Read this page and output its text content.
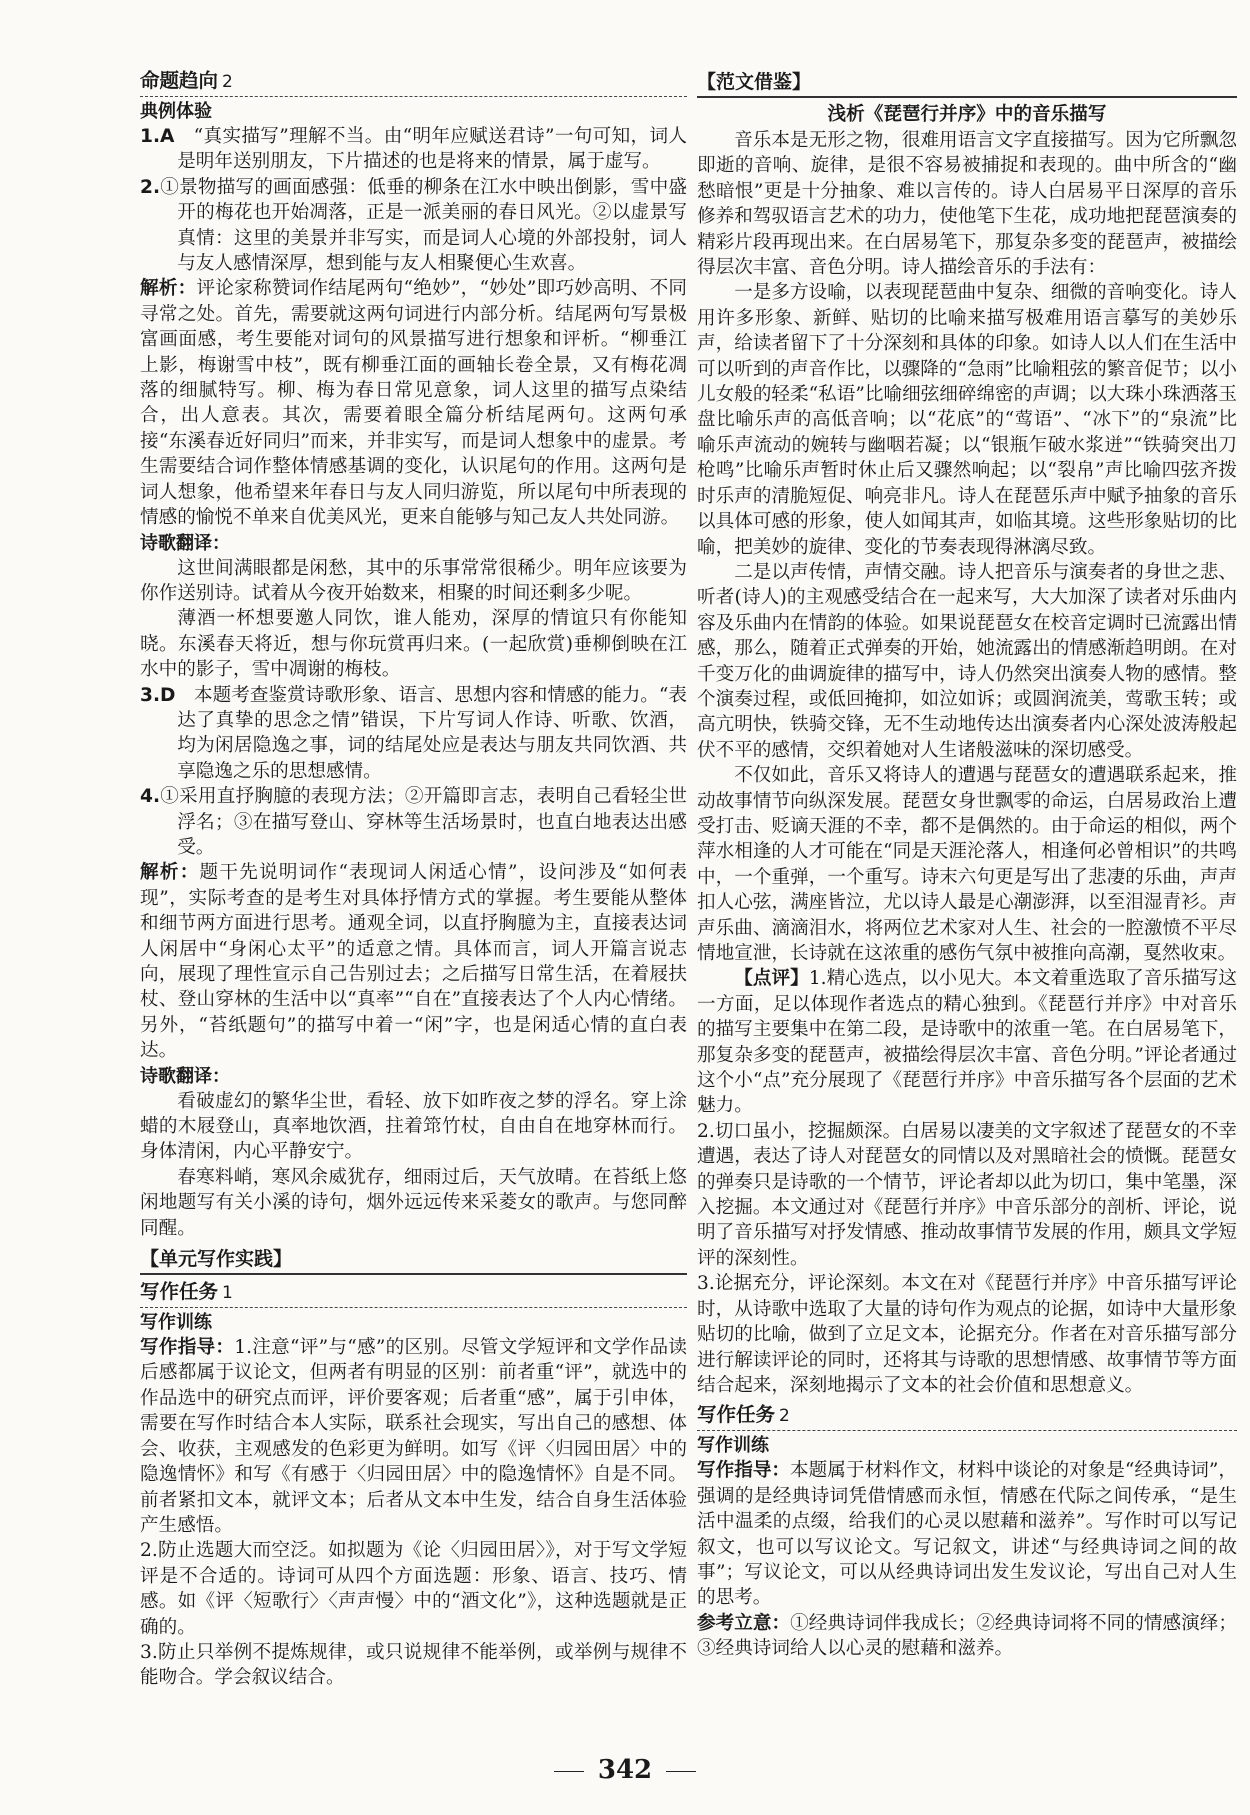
命题趋向 2
典例体验

1.A　 “真实描写”理解不当。由“明年应赋送君诗”一句可知，词人是明年送别朋友，下片描述的也是将来的情景，属于虚写。

2.①景物描写的画面感强：低垂的柳条在江水中映出倒影，雪中盛开的梅花也开始凋落，正是一派美丽的春日风光。②以虚景写真情：这里的美景并非写实，而是词人心境的外部投射，词人与友人感情深厚，想到能与友人相聚便心生欢喜。

解析：评论家称赞词作结尾两句“绝妙”，“妙处”即巧妙高明、不同寻常之处。首先，需要就这两句词进行内部分析。结尾两句写景极富画面感，考生要能对词句的风景描写进行想象和评析。“柳垂江上影，梅谢雪中枝”，既有柳垂江面的画轴长卷全景，又有梅花凋落的细腻特写。柳、梅为春日常见意象，词人这里的描写点染结合，出人意表。其次，需要着眼全篇分析结尾两句。这两句承接“东溪春近好同归”而来，并非实写，而是词人想象中的虚景。考生需要结合词作整体情感基调的变化，认识尾句的作用。这两句是词人想象，他希望来年春日与友人同归游览，所以尾句中所表现的情感的愉悦不单来自优美风光，更来自能够与知己友人共处同游。

诗歌翻译：

这世间满眼都是闲愁，其中的乐事常常很稀少。明年应该要为你作送别诗。试着从今夜开始数来，相聚的时间还剩多少呢。

薄酒一杯想要邀人同饮，谁人能劝，深厚的情谊只有你能知晓。东溪春天将近，想与你玩赏再归来。(一起欣赏)垂柳倒映在江水中的影子，雪中凋谢的梅枝。

3.D　 本题考查鉴赏诗歌形象、语言、思想内容和情感的能力。“表达了真挚的思念之情”错误，下片写词人作诗、听歌、饮酒，均为闲居隐逸之事，词的结尾处应是表达与朋友共同饮酒、共享隐逸之乐的思想感情。

4.①采用直抒胸臆的表现方法；②开篇即言志，表明自己看轻尘世浮名；③在描写登山、穿林等生活场景时，也直白地表达出感受。

解析：题干先说明词作“表现词人闲适心情”，设问涉及“如何表现”，实际考查的是考生对具体抒情方式的掌握。考生要能从整体和细节两方面进行思考。通观全词，以直抒胸臆为主，直接表达词人闲居中“身闲心太平”的适意之情。具体而言，词人开篇言说志向，展现了理性宣示自己告别过去；之后描写日常生活，在着屐扶杖、登山穿林的生活中以“真率”“自在”直接表达了个人内心情绪。另外，“苔纸题句”的描写中着一“闲”字，也是闲适心情的直白表达。

诗歌翻译：

看破虚幻的繁华尘世，看轻、放下如昨夜之梦的浮名。穿上涂蜡的木屐登山，真率地饮酒，拄着筇竹杖，自由自在地穿林而行。身体清闲，内心平静安宁。

春寒料峭，寒风余威犹存，细雨过后，天气放晴。在苔纸上悠闲地题写有关小溪的诗句，烟外远远传来采菱女的歌声。与您同醉同醒。

【单元写作实践】
写作任务 1
写作训练

写作指导：1.注意“评”与“感”的区别。尽管文学短评和文学作品读后感都属于议论文，但两者有明显的区别：前者重“评”，就选中的作品选中的研究点而评，评价要客观；后者重“感”，属于引申体，需要在写作时结合本人实际，联系社会现实，写出自己的感想、体会、收获，主观感发的色彩更为鲜明。如写《评〈归园田居〉中的隐逸情怀》和写《有感于〈归园田居〉中的隐逸情怀》自是不同。前者紧扣文本，就评文本；后者从文本中生发，结合自身生活体验产生感悟。

2.防止选题大而空泛。如拟题为《论〈归园田居〉》，对于写文学短评是不合适的。诗词可从四个方面选题：形象、语言、技巧、情感。如《评〈短歌行〉〈声声慢〉中的“酒文化”》，这种选题就是正确的。

3.防止只举例不提炼规律，或只说规律不能举例，或举例与规律不能吻合。学会叙议结合。

【范文借鉴】
浅析《琵琶行并序》中的音乐描写

音乐本是无形之物，很难用语言文字直接描写。因为它所飘忽即逝的音响、旋律，是很不容易被捕捉和表现的。曲中所含的“幽愁暗恨”更是十分抽象、难以言传的。诗人白居易平日深厚的音乐修养和驾驭语言艺术的功力，使他笔下生花，成功地把琵琶演奏的精彩片段再现出来。在白居易笔下，那复杂多变的琵琶声，被描绘得层次丰富、音色分明。诗人描绘音乐的手法有：

一是多方设喻，以表现琵琶曲中复杂、细微的音响变化。诗人用许多形象、新鲜、贴切的比喻来描写极难用语言摹写的美妙乐声，给读者留下了十分深刻和具体的印象。如诗人以人们在生活中可以听到的声音作比，以骤降的“急雨”比喻粗弦的繁音促节；以小儿女般的轻柔“私语”比喻细弦细碎绵密的声调；以大珠小珠洒落玉盘比喻乐声的高低音响；以“花底”的“莺语”、“冰下”的“泉流”比喻乐声流动的婉转与幽咽若凝；以“银瓶乍破水浆迸”“铁骑突出刀枪鸣”比喻乐声暂时休止后又骤然响起；以“裂帛”声比喻四弦齐拨时乐声的清脆短促、响亮非凡。诗人在琵琶乐声中赋予抽象的音乐以具体可感的形象，使人如闻其声，如临其境。这些形象贴切的比喻，把美妙的旋律、变化的节奏表现得淋漓尽致。

二是以声传情，声情交融。诗人把音乐与演奏者的身世之悲、听者(诗人)的主观感受结合在一起来写，大大加深了读者对乐曲内容及乐曲内在情韵的体验。如果说琵琶女在校音定调时已流露出情感，那么，随着正式弹奏的开始，她流露出的情感渐趋明朗。在对千变万化的曲调旋律的描写中，诗人仍然突出演奏人物的感情。整个演奏过程，或低回掩抑，如泣如诉；或圆润流美，莺歌玉转；或高亢明快，铁骑交锋，无不生动地传达出演奏者内心深处波涛般起伏不平的感情，交织着她对人生诸般滋味的深切感受。

不仅如此，音乐又将诗人的遭遇与琵琶女的遭遇联系起来，推动故事情节向纵深发展。琵琶女身世飘零的命运，白居易政治上遭受打击、贬谪天涯的不幸，都不是偶然的。由于命运的相似，两个萍水相逢的人才可能在“同是天涯沦落人，相逢何必曾相识”的共鸣中，一个重弹，一个重写。诗末六句更是写出了悲凄的乐曲，声声扣人心弦，满座皆泣，尤以诗人最是心潮澎湃，以至泪湿青衫。声声乐曲、滴滴泪水，将两位艺术家对人生、社会的一腔激愤不平尽情地宣泄，长诗就在这浓重的感伤气氛中被推向高潮，戛然收束。

【点评】1.精心选点，以小见大。本文着重选取了音乐描写这一方面，足以体现作者选点的精心独到。《琵琶行并序》中对音乐的描写主要集中在第二段，是诗歌中的浓重一笔。在白居易笔下，那复杂多变的琵琶声，被描绘得层次丰富、音色分明。”评论者通过这个小“点”充分展现了《琵琶行并序》中音乐描写各个层面的艺术魅力。

2.切口虽小，挖掘颇深。白居易以凄美的文字叙述了琵琶女的不幸遭遇，表达了诗人对琵琶女的同情以及对黑暗社会的愤慨。琵琶女的弹奏只是诗歌的一个情节，评论者却以此为切口，集中笔墨，深入挖掘。本文通过对《琵琶行并序》中音乐部分的剖析、评论，说明了音乐描写对抒发情感、推动故事情节发展的作用，颇具文学短评的深刻性。

3.论据充分，评论深刻。本文在对《琵琶行并序》中音乐描写评论时，从诗歌中选取了大量的诗句作为观点的论据，如诗中大量形象贴切的比喻，做到了立足文本，论据充分。作者在对音乐描写部分进行解读评论的同时，还将其与诗歌的思想情感、故事情节等方面结合起来，深刻地揭示了文本的社会价值和思想意义。

写作任务 2
写作训练

写作指导：本题属于材料作文，材料中谈论的对象是“经典诗词”，强调的是经典诗词凭借情感而永恒，情感在代际之间传承，“是生活中温柔的点缀，给我们的心灵以慰藉和滋养”。写作时可以写记叙文，也可以写议论文。写记叙文，讲述“与经典诗词之间的故事”；写议论文，可以从经典诗词出发生发议论，写出自己对人生的思考。

参考立意：①经典诗词伴我成长；②经典诗词将不同的情感演绎；③经典诗词给人以心灵的慰藉和滋养。

342
